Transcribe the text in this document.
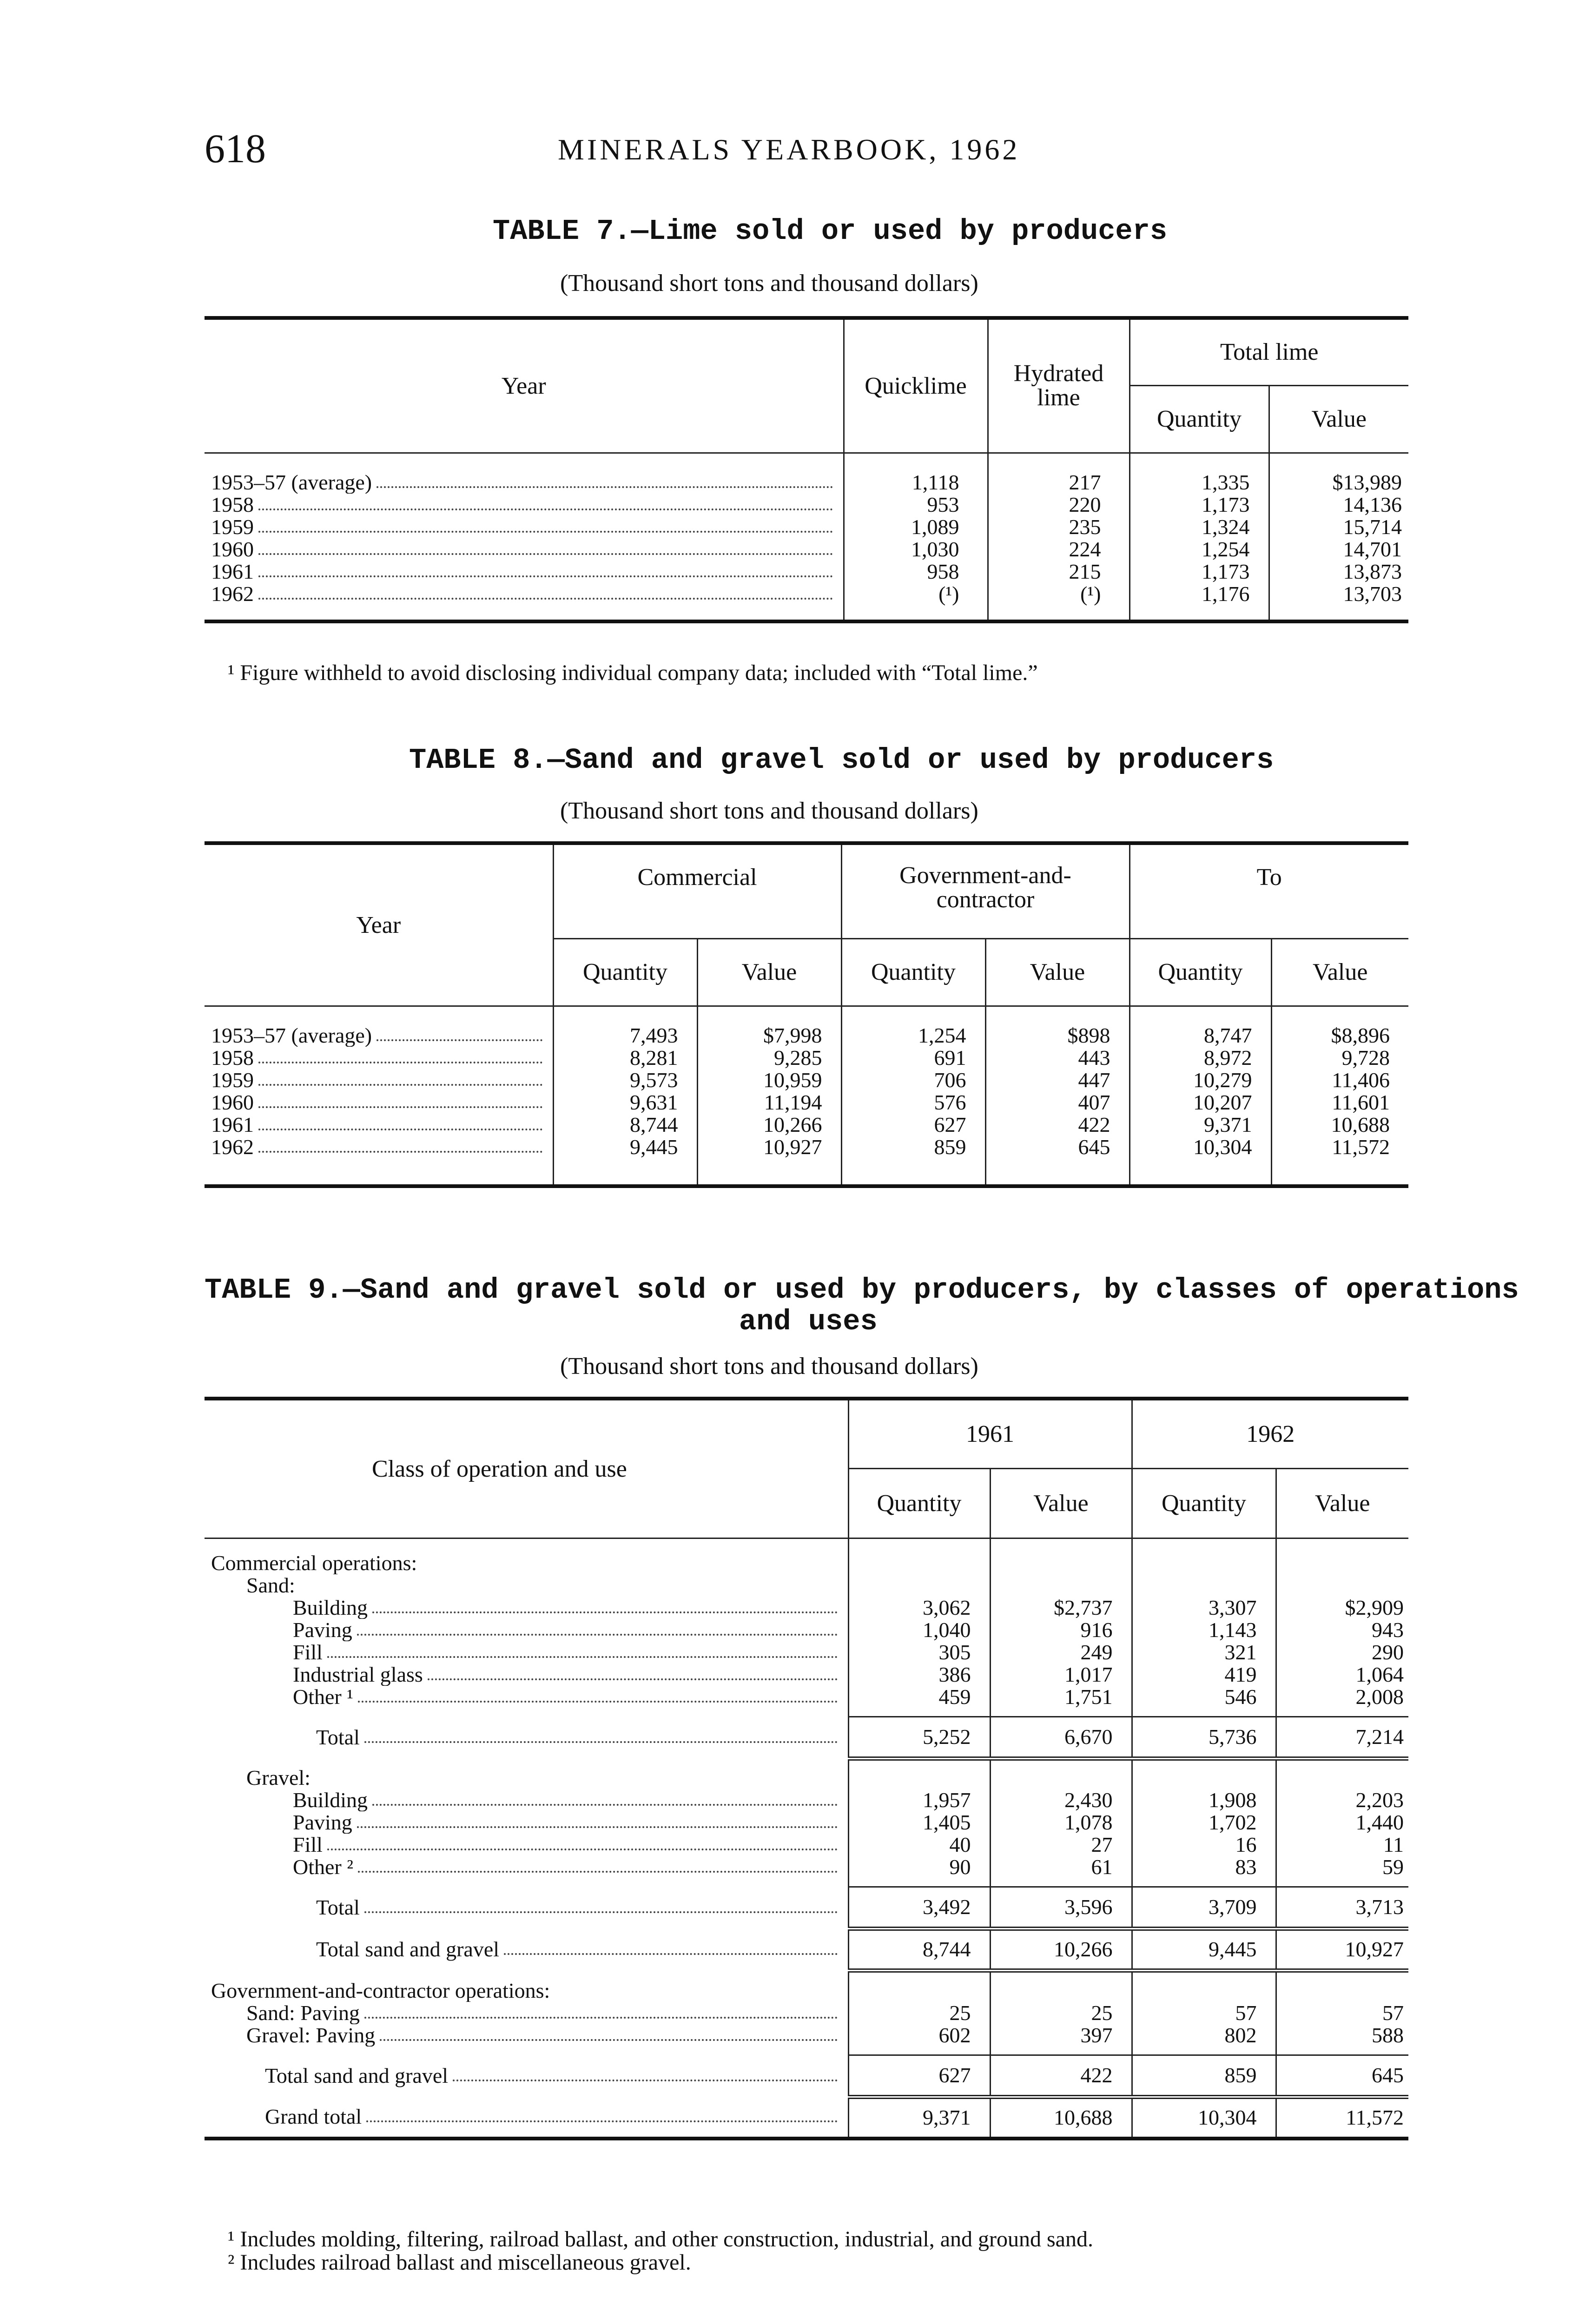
618	MINERALS YEARBOOK, 1962
TABLE 7.—Lime sold or used by producers
(Thousand short tons and thousand dollars)
Year	Quicklime	Hydrated lime	Total lime	
			Quantity	Value

1953–57 (average)	1,118	217	1,335	$13,989

1958	953	220	1,173	14,136

1959	1,089	235	1,324	15,714

1960	1,030	224	1,254	14,701

1961	958	215	1,173	13,873

1962	(¹)	(¹)	1,176	13,703

¹ Figure withheld to avoid disclosing individual company data; included with “Total lime.”
TABLE 8.—Sand and gravel sold or used by producers
(Thousand short tons and thousand dollars)
Year	Commercial		Government-and-contractor		To	
	Quantity	Value	Quantity	Value	Quantity	Value

1953–57 (average)	7,493	$7,998	1,254	$898	8,747	$8,896

1958	8,281	9,285	691	443	8,972	9,728

1959	9,573	10,959	706	447	10,279	11,406

1960	9,631	11,194	576	407	10,207	11,601

1961	8,744	10,266	627	422	9,371	10,688

1962	9,445	10,927	859	645	10,304	11,572

TABLE 9.—Sand and gravel sold or used by producers, by classes of operations
and uses
(Thousand short tons and thousand dollars)
Class of operation and use	1961		1962	
	Quantity	Value	Quantity	Value

Commercial operations:				
Sand:				

Building	3,062	$2,737	3,307	$2,909

Paving	1,040	916	1,143	943

Fill	305	249	321	290

Industrial glass	386	1,017	419	1,064

Other ¹	459	1,751	546	2,008

Total	5,252	6,670	5,736	7,214

Gravel:				

Building	1,957	2,430	1,908	2,203

Paving	1,405	1,078	1,702	1,440

Fill	40	27	16	11

Other ²	90	61	83	59

Total	3,492	3,596	3,709	3,713

Total sand and gravel	8,744	10,266	9,445	10,927

Government-and-contractor operations:				

Sand: Paving	25	25	57	57

Gravel: Paving	602	397	802	588

Total sand and gravel	627	422	859	645

Grand total	9,371	10,688	10,304	11,572
¹ Includes molding, filtering, railroad ballast, and other construction, industrial, and ground sand.
² Includes railroad ballast and miscellaneous gravel.
